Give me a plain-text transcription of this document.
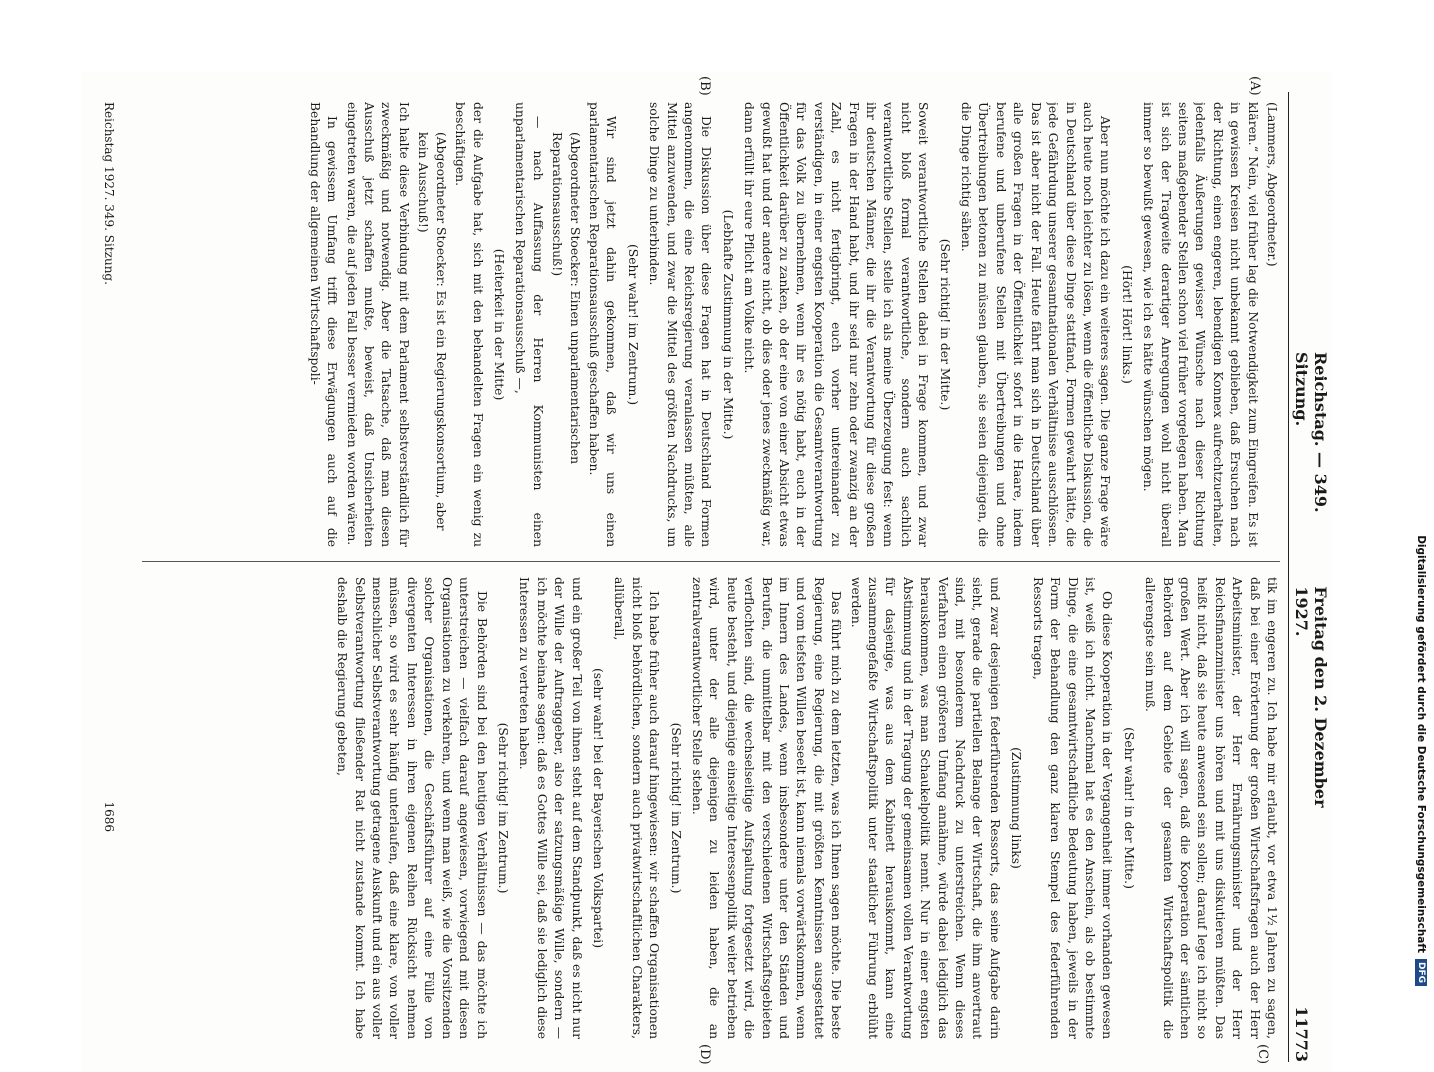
Reichstag. — 349. Sitzung.
Freitag den 2. Dezember 1927.
11773
(A)
(B)
(C)
(D)

(Lammers, Abgeordneter.)

klären.“ Nein, viel früher lag die Notwendigkeit zum Eingreifen. Es ist in gewissen Kreisen nicht unbekannt geblieben, daß Ersuchen nach der Richtung, einen engeren, lebendigen Konnex aufrechtzuerhalten, jedenfalls Äußerungen gewisser Wünsche nach dieser Richtung seitens maßgebender Stellen schon viel früher vorgelegen haben. Man ist sich der Tragweite derartiger Anregungen wohl nicht überall immer so bewußt gewesen, wie ich es hätte wünschen mögen.

(Hört! Hört! links.)

Aber nun möchte ich dazu ein weiteres sagen. Die ganze Frage wäre auch heute noch leichter zu lösen, wenn die öffentliche Diskussion, die in Deutschland über diese Dinge stattfand, Formen gewahrt hätte, die jede Gefährdung unserer gesamtnationalen Verhältnisse ausschlössen. Das ist aber nicht der Fall. Heute fährt man sich in Deutschland über alle großen Fragen in der Öffentlichkeit sofort in die Haare, indem berufene und unberufene Stellen mit Übertreibungen und ohne Übertreibungen betonen zu müssen glauben, sie seien diejenigen, die die Dinge richtig sähen.

(Sehr richtig! in der Mitte.)

Soweit verantwortliche Stellen dabei in Frage kommen, und zwar nicht bloß formal verantwortliche, sondern auch sachlich verantwortliche Stellen, stelle ich als meine Überzeugung fest: wenn ihr deutschen Männer, die ihr die Verantwortung für diese großen Fragen in der Hand habt, und ihr seid nur zehn oder zwanzig an der Zahl, es nicht fertigbringt, euch vorher untereinander zu verständigen, in einer engsten Kooperation die Gesamtverantwortung für das Volk zu übernehmen, wenn ihr es nötig habt, euch in der Öffentlichkeit darüber zu zanken, ob der eine von einer Absicht etwas gewußt hat und der andere nicht, ob dies oder jenes zweckmäßig war, dann erfüllt ihr eure Pflicht am Volke nicht.

(Lebhafte Zustimmung in der Mitte.)

Die Diskussion über diese Fragen hat in Deutschland Formen angenommen, die eine Reichsregierung veranlassen müßten, alle Mittel anzuwenden, und zwar die Mittel des größten Nachdrucks, um solche Dinge zu unterbinden.

(Sehr wahr! im Zentrum.)

Wir sind jetzt dahin gekommen, daß wir uns einen parlamentarischen Reparationsausschuß geschaffen haben.

(Abgeordneter Stoecker: Einen unparlamentarischen Reparationsausschuß!)

— nach Auffassung der Herren Kommunisten einen unparlamentarischen Reparationsausschuß —,

(Heiterkeit in der Mitte)

der die Aufgabe hat, sich mit den behandelten Fragen ein wenig zu beschäftigen.

(Abgeordneter Stoecker: Es ist ein Regierungskonsortium, aber kein Ausschuß!)

Ich halte diese Verbindung mit dem Parlament selbstverständlich für zweckmäßig und notwendig. Aber die Tatsache, daß man diesen Ausschuß jetzt schaffen mußte, beweist, daß Unsicherheiten eingetreten waren, die auf jeden Fall besser vermieden worden wären.

In gewissem Umfang trifft diese Erwägungen auch auf die Behandlung der allgemeinen Wirtschaftspoli-

tik im engeren zu. Ich habe mir erlaubt, vor etwa 1½ Jahren zu sagen, daß bei einer Erörterung der großen Wirtschaftsfragen auch der Herr Arbeitsminister, der Herr Ernährungsminister und der Herr Reichsfinanzminister uns hören und mit uns diskutieren müßten. Das heißt nicht, daß sie heute anwesend sein sollen; darauf lege ich nicht so großen Wert. Aber ich will sagen, daß die Kooperation der sämtlichen Behörden auf dem Gebiete der gesamten Wirtschaftspolitik die allerengste sein muß.

(Sehr wahr! in der Mitte.)

Ob diese Kooperation in der Vergangenheit immer vorhanden gewesen ist, weiß ich nicht. Manchmal hat es den Anschein, als ob bestimmte Dinge, die eine gesamtwirtschaftliche Bedeutung haben, jeweils in der Form der Behandlung den ganz klaren Stempel des federführenden Ressorts tragen,

(Zustimmung links)

und zwar desjenigen federführenden Ressorts, das seine Aufgabe darin sieht, gerade die partiellen Belange der Wirtschaft, die ihm anvertraut sind, mit besonderem Nachdruck zu unterstreichen. Wenn dieses Verfahren einen größeren Umfang annähme, würde dabei lediglich das herauskommen, was man Schaukelpolitik nennt. Nur in einer engsten Abstimmung und in der Tragung der gemeinsamen vollen Verantwortung für dasjenige, was aus dem Kabinett herauskommt, kann eine zusammengefaßte Wirtschaftspolitik unter staatlicher Führung erblüht werden.

Das führt mich zu dem letzten, was ich Ihnen sagen möchte. Die beste Regierung, eine Regierung, die mit größten Kenntnissen ausgestattet und vom tiefsten Willen beseelt ist, kann niemals vorwärtskommen, wenn im Innern des Landes, wenn insbesondere unter den Ständen und Berufen, die unmittelbar mit den verschiedenen Wirtschaftsgebieten verflochten sind, die wechselseitige Aufspaltung fortgesetzt wird, die heute besteht, und diejenige einseitige Interessenpolitik weiter betrieben wird, unter der alle diejenigen zu leiden haben, die an zentralverantwortlicher Stelle stehen.

(Sehr richtig! im Zentrum.)

Ich habe früher auch darauf hingewiesen: wir schaffen Organisationen nicht bloß behördlichen, sondern auch privatwirtschaftlichen Charakters, allüberall,

(sehr wahr! bei der Bayerischen Volkspartei)

und ein großer Teil von ihnen steht auf dem Standpunkt, daß es nicht nur der Wille der Auftraggeber, also der satzungsmäßige Wille, sondern — ich möchte beinahe sagen: daß es Gottes Wille sei, daß sie lediglich diese Interessen zu vertreten haben.

(Sehr richtig! im Zentrum.)

Die Behörden sind bei den heutigen Verhältnissen — das möchte ich unterstreichen — vielfach darauf angewiesen, vorwiegend mit diesen Organisationen zu verkehren, und wenn man weiß, wie die Vorsitzenden solcher Organisationen, die Geschäftsführer auf eine Fülle von divergenten Interessen in ihren eigenen Reihen Rücksicht nehmen müssen, so wird es sehr häufig unterlaufen, daß eine klare, von voller menschlicher Selbstverantwortung getragene Auskunft und ein aus voller Selbstverantwortung fließender Rat nicht zustande kommt. Ich habe deshalb die Regierung gebeten,

Reichstag 1927. 349. Sitzung.
1686	Digitalisierung gefördert durch die Deutsche Forschungsgemeinschaft
DFG
